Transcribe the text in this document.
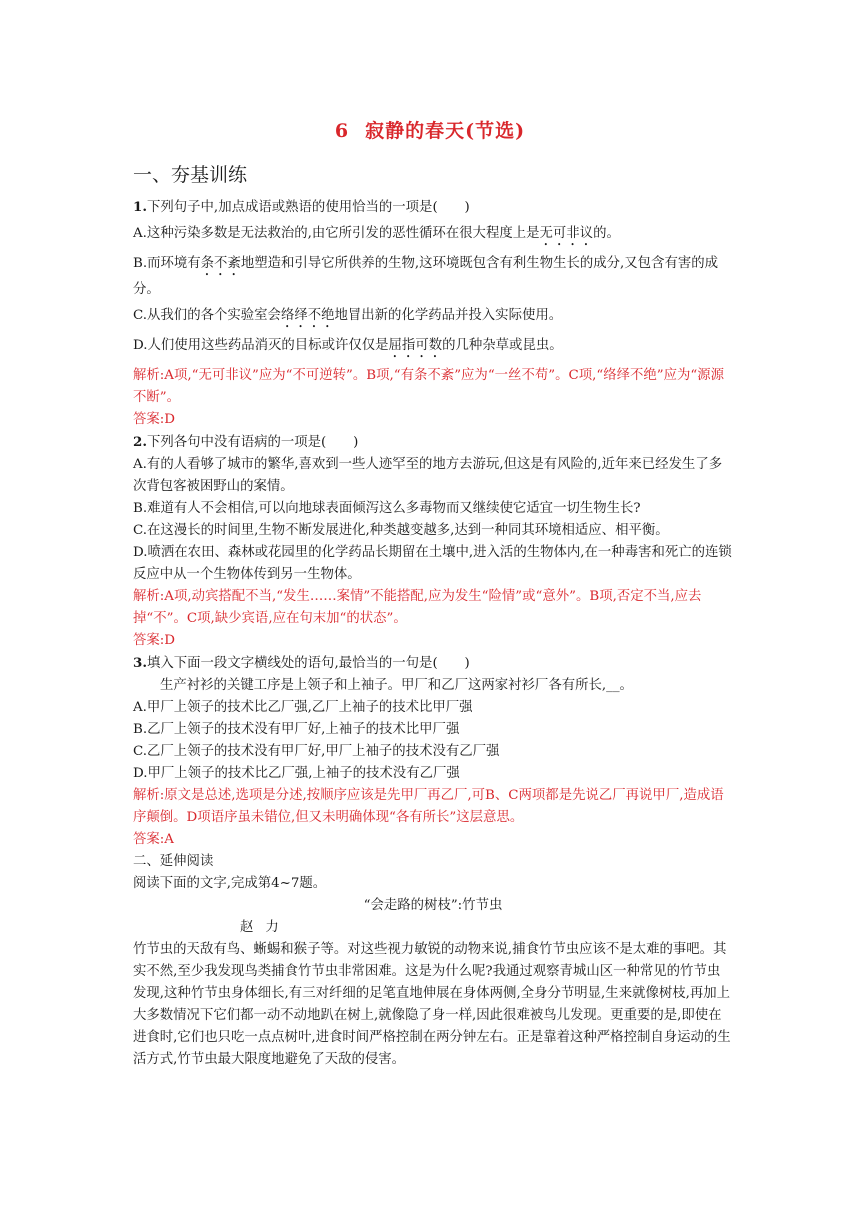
6 寂静的春天(节选)
一、夯基训练

1.下列句子中,加点成语或熟语的使用恰当的一项是(　　)

A.这种污染多数是无法救治的,由它所引发的恶性循环在很大程度上是无可非议的。

B.而环境有条不紊地塑造和引导它所供养的生物,这环境既包含有利生物生长的成分,又包含有害的成分。

C.从我们的各个实验室会络绎不绝地冒出新的化学药品并投入实际使用。

D.人们使用这些药品消灭的目标或许仅仅是屈指可数的几种杂草或昆虫。

解析:A项,“无可非议”应为“不可逆转”。B项,“有条不紊”应为“一丝不苟”。C项,“络绎不绝”应为“源源不断”。

答案:D

2.下列各句中没有语病的一项是(　　)

A.有的人看够了城市的繁华,喜欢到一些人迹罕至的地方去游玩,但这是有风险的,近年来已经发生了多次背包客被困野山的案情。

B.难道有人不会相信,可以向地球表面倾泻这么多毒物而又继续使它适宜一切生物生长?

C.在这漫长的时间里,生物不断发展进化,种类越变越多,达到一种同其环境相适应、相平衡。

D.喷洒在农田、森林或花园里的化学药品长期留在土壤中,进入活的生物体内,在一种毒害和死亡的连锁反应中从一个生物体传到另一生物体。

解析:A项,动宾搭配不当,“发生……案情”不能搭配,应为发生“险情”或“意外”。B项,否定不当,应去掉“不”。C项,缺少宾语,应在句末加“的状态”。

答案:D

3.填入下面一段文字横线处的语句,最恰当的一句是(　　)

生产衬衫的关键工序是上领子和上袖子。甲厂和乙厂这两家衬衫厂各有所长,__。

A.甲厂上领子的技术比乙厂强,乙厂上袖子的技术比甲厂强

B.乙厂上领子的技术没有甲厂好,上袖子的技术比甲厂强

C.乙厂上领子的技术没有甲厂好,甲厂上袖子的技术没有乙厂强

D.甲厂上领子的技术比乙厂强,上袖子的技术没有乙厂强

解析:原文是总述,选项是分述,按顺序应该是先甲厂再乙厂,可B、C两项都是先说乙厂再说甲厂,造成语序颠倒。D项语序虽未错位,但又未明确体现“各有所长”这层意思。

答案:A

二、延伸阅读

阅读下面的文字,完成第4~7题。

“会走路的树枝”:竹节虫

赵力

竹节虫的天敌有鸟、蜥蜴和猴子等。对这些视力敏锐的动物来说,捕食竹节虫应该不是太难的事吧。其实不然,至少我发现鸟类捕食竹节虫非常困难。这是为什么呢?我通过观察青城山区一种常见的竹节虫发现,这种竹节虫身体细长,有三对纤细的足笔直地伸展在身体两侧,全身分节明显,生来就像树枝,再加上大多数情况下它们都一动不动地趴在树上,就像隐了身一样,因此很难被鸟儿发现。更重要的是,即使在进食时,它们也只吃一点点树叶,进食时间严格控制在两分钟左右。正是靠着这种严格控制自身运动的生活方式,竹节虫最大限度地避免了天敌的侵害。
